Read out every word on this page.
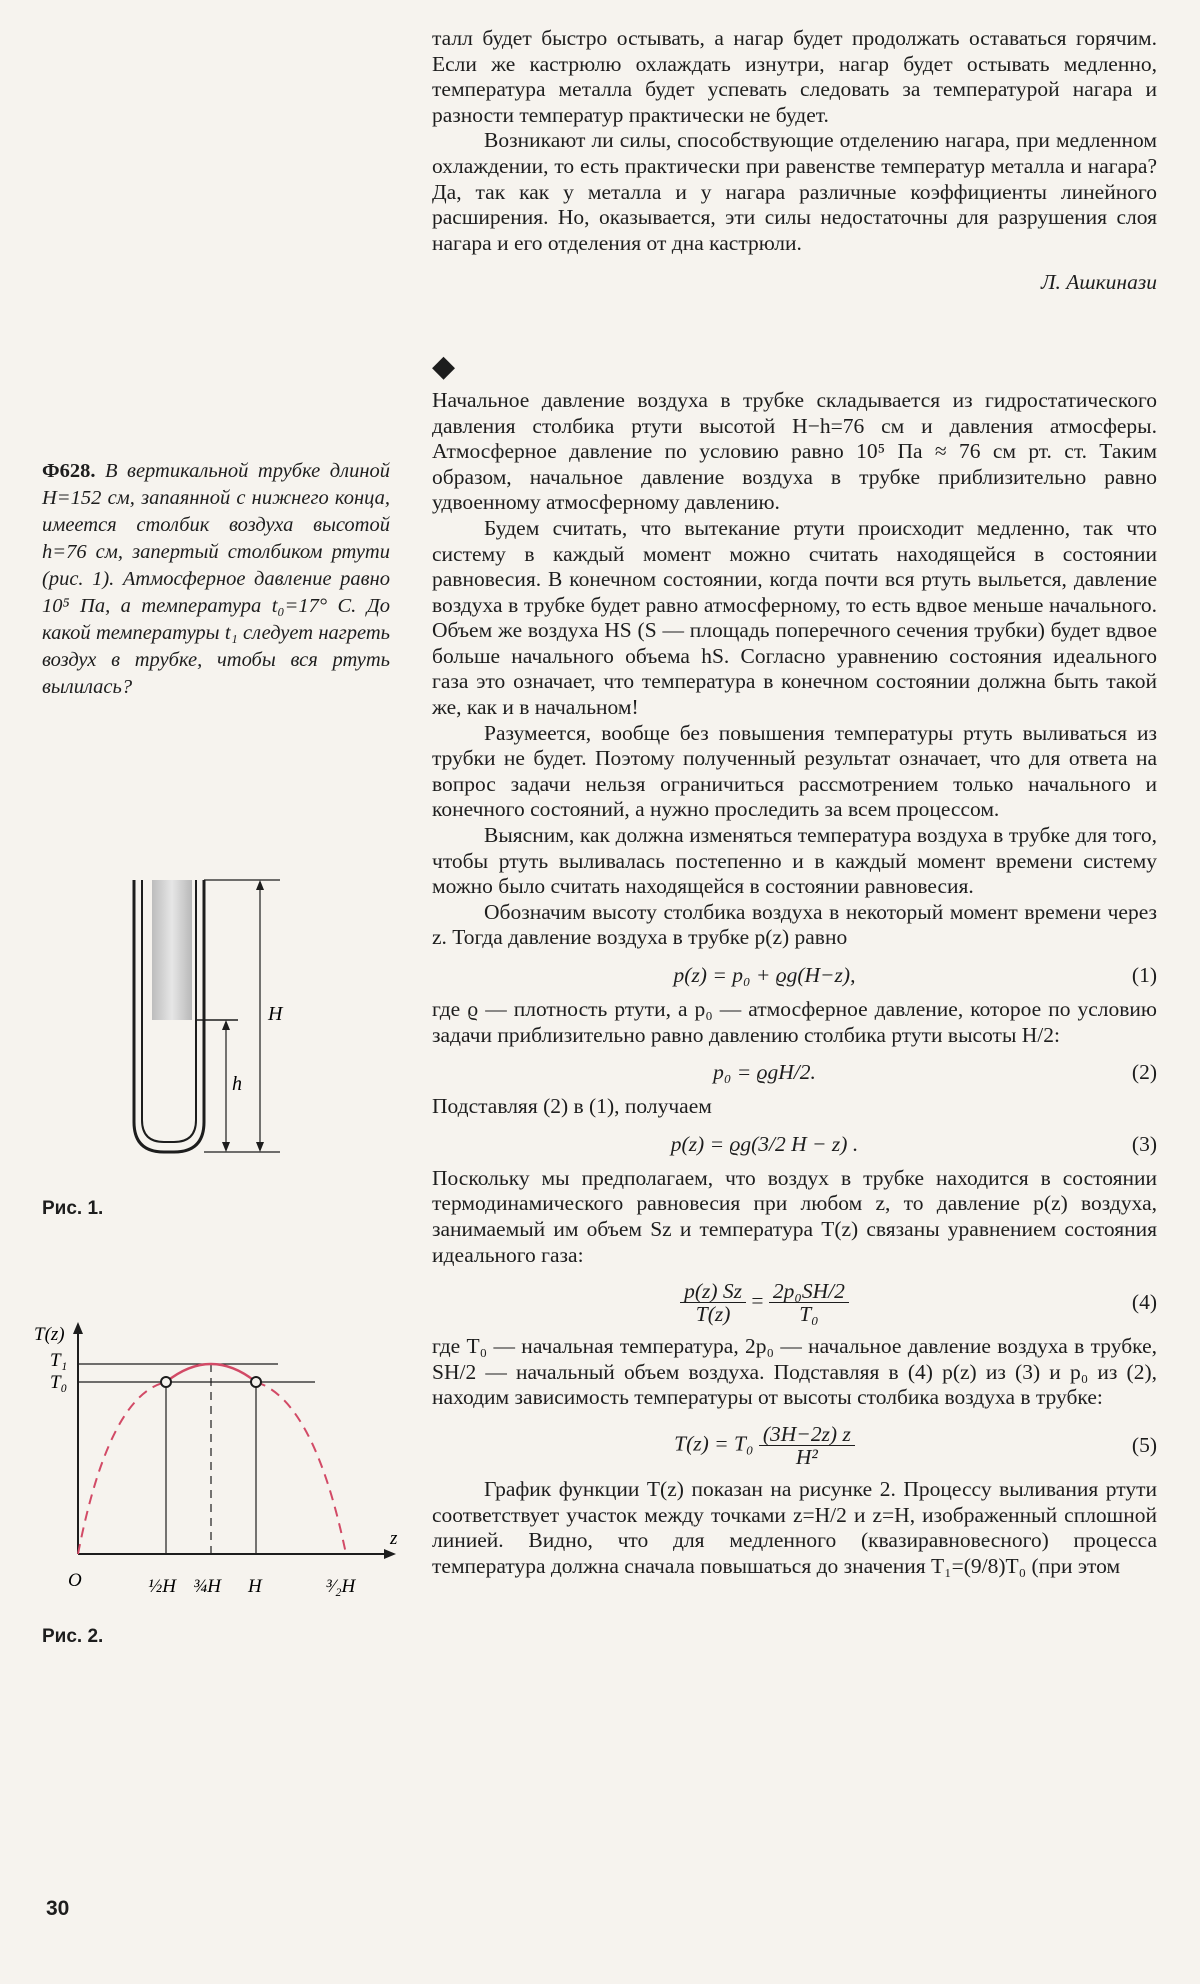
талл будет быстро остывать, а нагар будет продолжать оставаться горячим. Если же кастрюлю охлаждать изнутри, нагар будет остывать медленно, температура металла будет успевать следовать за температурой нагара и разности температур практически не будет.

Возникают ли силы, способствующие отделению нагара, при медленном охлаждении, то есть практически при равенстве температур металла и нагара? Да, так как у металла и у нагара различные коэффициенты линейного расширения. Но, оказывается, эти силы недостаточны для разрушения слоя нагара и его отделения от дна кастрюли.

Л. Ашкинази
◆

Начальное давление воздуха в трубке складывается из гидростатического давления столбика ртути высотой H−h=76 см и давления атмосферы. Атмосферное давление по условию равно 10⁵ Па ≈ 76 см рт. ст. Таким образом, начальное давление воздуха в трубке приблизительно равно удвоенному атмосферному давлению.

Будем считать, что вытекание ртути происходит медленно, так что систему в каждый момент можно считать находящейся в состоянии равновесия. В конечном состоянии, когда почти вся ртуть выльется, давление воздуха в трубке будет равно атмосферному, то есть вдвое меньше начального. Объем же воздуха HS (S — площадь поперечного сечения трубки) будет вдвое больше начального объема hS. Согласно уравнению состояния идеального газа это означает, что температура в конечном состоянии должна быть такой же, как и в начальном!

Разумеется, вообще без повышения температуры ртуть выливаться из трубки не будет. Поэтому полученный результат означает, что для ответа на вопрос задачи нельзя ограничиться рассмотрением только начального и конечного состояний, а нужно проследить за всем процессом.

Выясним, как должна изменяться температура воздуха в трубке для того, чтобы ртуть выливалась постепенно и в каждый момент времени систему можно было считать находящейся в состоянии равновесия.

Обозначим высоту столбика воздуха в некоторый момент времени через z. Тогда давление воздуха в трубке p(z) равно

p(z) = p₀ + ϱg(H−z),	(1)

где ϱ — плотность ртути, а p₀ — атмосферное давление, которое по условию задачи приблизительно равно давлению столбика ртути высоты H/2:

p₀ = ϱgH/2.	(2)

Подставляя (2) в (1), получаем

p(z) = ϱg(3/2 H − z) .	(3)

Поскольку мы предполагаем, что воздух в трубке находится в состоянии термодинамического равновесия при любом z, то давление p(z) воздуха, занимаемый им объем Sz и температура T(z) связаны уравнением состояния идеального газа:

$\frac{p(z) Sz}{T(z)} = \frac{\text{2p₀SH/2}}{\text{T₀}}$	(4)

где T₀ — начальная температура, 2p₀ — начальное давление воздуха в трубке, SH/2 — начальный объем воздуха. Подставляя в (4) p(z) из (3) и p₀ из (2), находим зависимость температуры от высоты столбика воздуха в трубке:

$T(z) = T_0 \frac{(3H-2z) z}{\text{H²}}$	(5)

График функции T(z) показан на рисунке 2. Процессу выливания ртути соответствует участок между точками z=H/2 и z=H, изображенный сплошной линией. Видно, что для медленного (квазиравновесного) процесса температура должна сначала повышаться до значения T₁=(9/8)T₀ (при этом

Ф628. В вертикальной трубке длиной H=152 см, запаянной с нижнего конца, имеется столбик воздуха высотой h=76 см, запертый столбиком ртути (рис. 1). Атмосферное давление равно 10⁵ Па, а температура t₀=17° С. До какой температуры t₁ следует нагреть воздух в трубке, чтобы вся ртуть вылилась?
H
h
Рис. 1.
T(z)
T₁
T₀
z
O	½H ¾H H	³⁄₂H
Рис. 2.
30
